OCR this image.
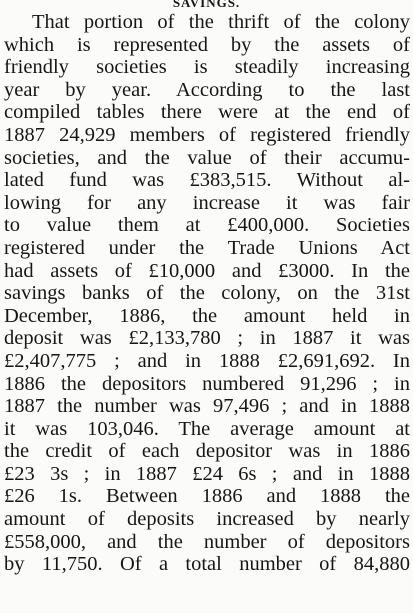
SAVINGS.
That portion of the thrift of the colony
which is represented by the assets of
friendly societies is steadily increasing
year by year. According to the last
compiled tables there were at the end of
1887 24,929 members of registered friendly
societies, and the value of their accumu-
lated fund was £383,515. Without al-
lowing for any increase it was fair
to value them at £400,000. Societies
registered under the Trade Unions Act
had assets of £10,000 and £3000. In the
savings banks of the colony, on the 31st
December, 1886, the amount held in
deposit was £2,133,780 ; in 1887 it was
£2,407,775 ; and in 1888 £2,691,692. In
1886 the depositors numbered 91,296 ; in
1887 the number was 97,496 ; and in 1888
it was 103,046. The average amount at
the credit of each depositor was in 1886
£23 3s ; in 1887 £24 6s ; and in 1888
£26 1s. Between 1886 and 1888 the
amount of deposits increased by nearly
£558,000, and the number of depositors
by 11,750. Of a total number of 84,880
